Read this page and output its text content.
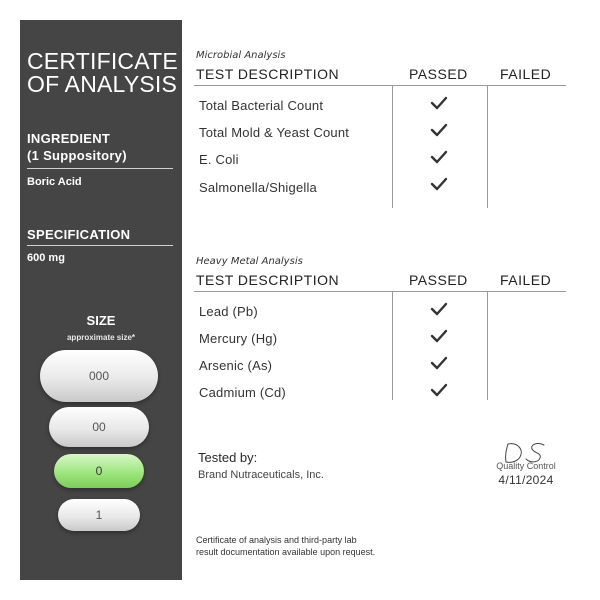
CERTIFICATE
OF ANALYSIS
INGREDIENT
(1 Suppository)
Boric Acid
SPECIFICATION
600 mg
SIZE
approximate size*
000
00
0
1
Microbial Analysis
TEST DESCRIPTION	PASSED FAILED
Total Bacterial Count
Total Mold & Yeast Count
E. Coli
Salmonella/Shigella
Heavy Metal Analysis
TEST DESCRIPTION	PASSED FAILED
Lead (Pb)
Mercury (Hg)
Arsenic (As)
Cadmium (Cd)
Tested by:
Brand Nutraceuticals, Inc.
Quality Control
4/11/2024
Certificate of analysis and third-party lab
result documentation available upon request.
